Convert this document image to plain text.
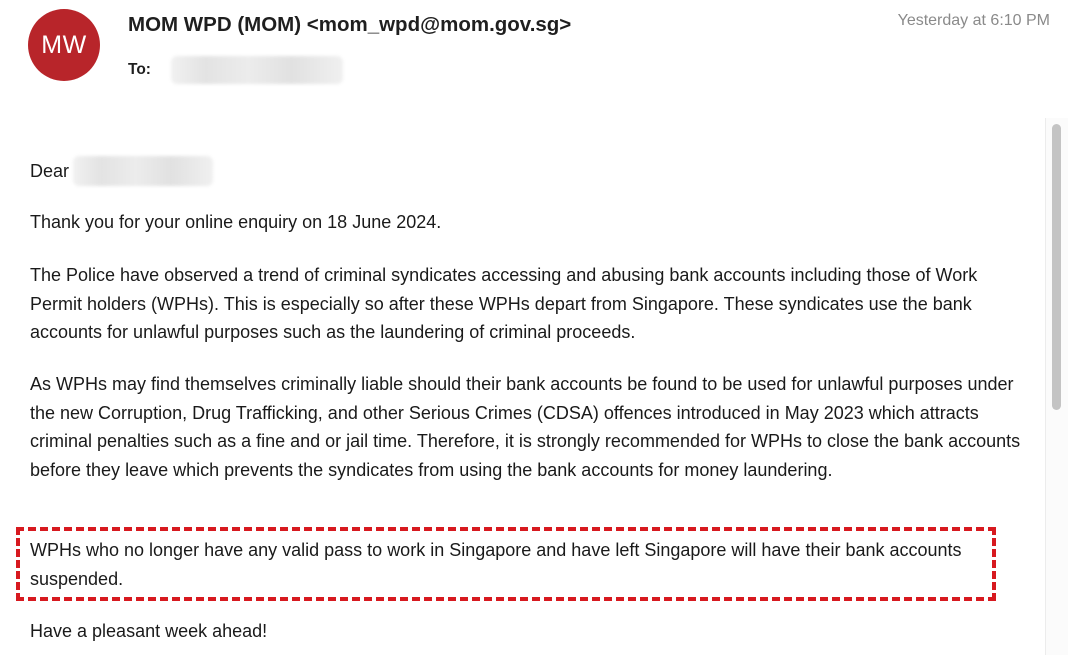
MW
MOM WPD (MOM) <mom_wpd@mom.gov.sg>
To:
Yesterday at 6:10 PM
Dear

Thank you for your online enquiry on 18 June 2024.

The Police have observed a trend of criminal syndicates accessing and abusing bank accounts including those of Work Permit holders (WPHs). This is especially so after these WPHs depart from Singapore. These syndicates use the bank accounts for unlawful purposes such as the laundering of criminal proceeds.

As WPHs may find themselves criminally liable should their bank accounts be found to be used for unlawful purposes under the new Corruption, Drug Trafficking, and other Serious Crimes (CDSA) offences introduced in May 2023 which attracts criminal penalties such as a fine and or jail time. Therefore, it is strongly recommended for WPHs to close the bank accounts before they leave which prevents the syndicates from using the bank accounts for money laundering.

WPHs who no longer have any valid pass to work in Singapore and have left Singapore will have their bank accounts suspended.

Have a pleasant week ahead!
